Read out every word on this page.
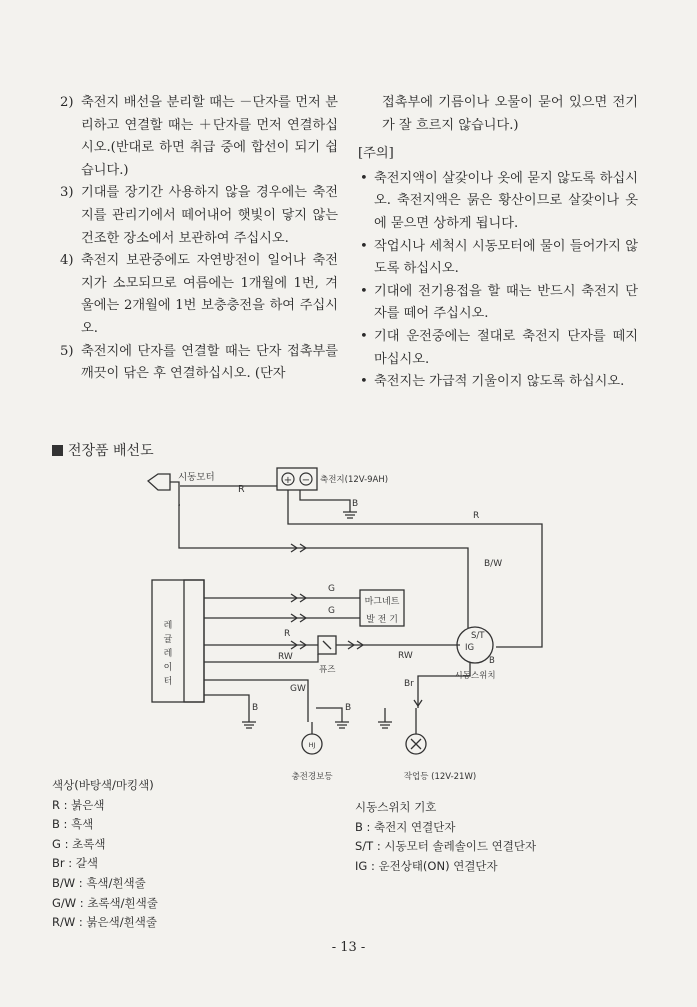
2) 축전지 배선을 분리할 때는 －단자를 먼저 분리하고 연결할 때는 ＋단자를 먼저 연결하십시오.(반대로 하면 취급 중에 합선이 되기 쉽습니다.)
3) 기대를 장기간 사용하지 않을 경우에는 축전지를 관리기에서 떼어내어 햇빛이 닿지 않는 건조한 장소에서 보관하여 주십시오.
4) 축전지 보관중에도 자연방전이 일어나 축전지가 소모되므로 여름에는 1개월에 1번, 겨울에는 2개월에 1번 보충충전을 하여 주십시오.
5) 축전지에 단자를 연결할 때는 단자 접촉부를 깨끗이 닦은 후 연결하십시오. (단자
접촉부에 기름이나 오물이 묻어 있으면 전기가 잘 흐르지 않습니다.)
[주의]
• 축전지액이 살갗이나 옷에 묻지 않도록 하십시오. 축전지액은 묽은 황산이므로 살갗이나 옷에 묻으면 상하게 됩니다.
• 작업시나 세척시 시동모터에 물이 들어가지 않도록 하십시오.
• 기대에 전기용접을 할 때는 반드시 축전지 단자를 떼어 주십시오.
• 기대 운전중에는 절대로 축전지 단자를 떼지 마십시오.
• 축전지는 가급적 기울이지 않도록 하십시오.
전장품 배선도
+ −
시동모터	축전지(12V-9AH)
R
B
R
B/W
G
G
마그네트
발 전 기
R
RW
퓨즈
RW
GW
B	B
Br
S/T
IG
B
시동스위치
HJ
충전경보등	작업등 (12V-21W)
레
귤
레
이
터
색상(바탕색/마킹색)
R : 붉은색
B : 흑색
G : 초록색
Br : 갈색
B/W : 흑색/흰색줄
G/W : 초록색/흰색줄
R/W : 붉은색/흰색줄
시동스위치 기호
B : 축전지 연결단자
S/T : 시동모터 솔레솔이드 연결단자
IG : 운전상태(ON) 연결단자
- 13 -
